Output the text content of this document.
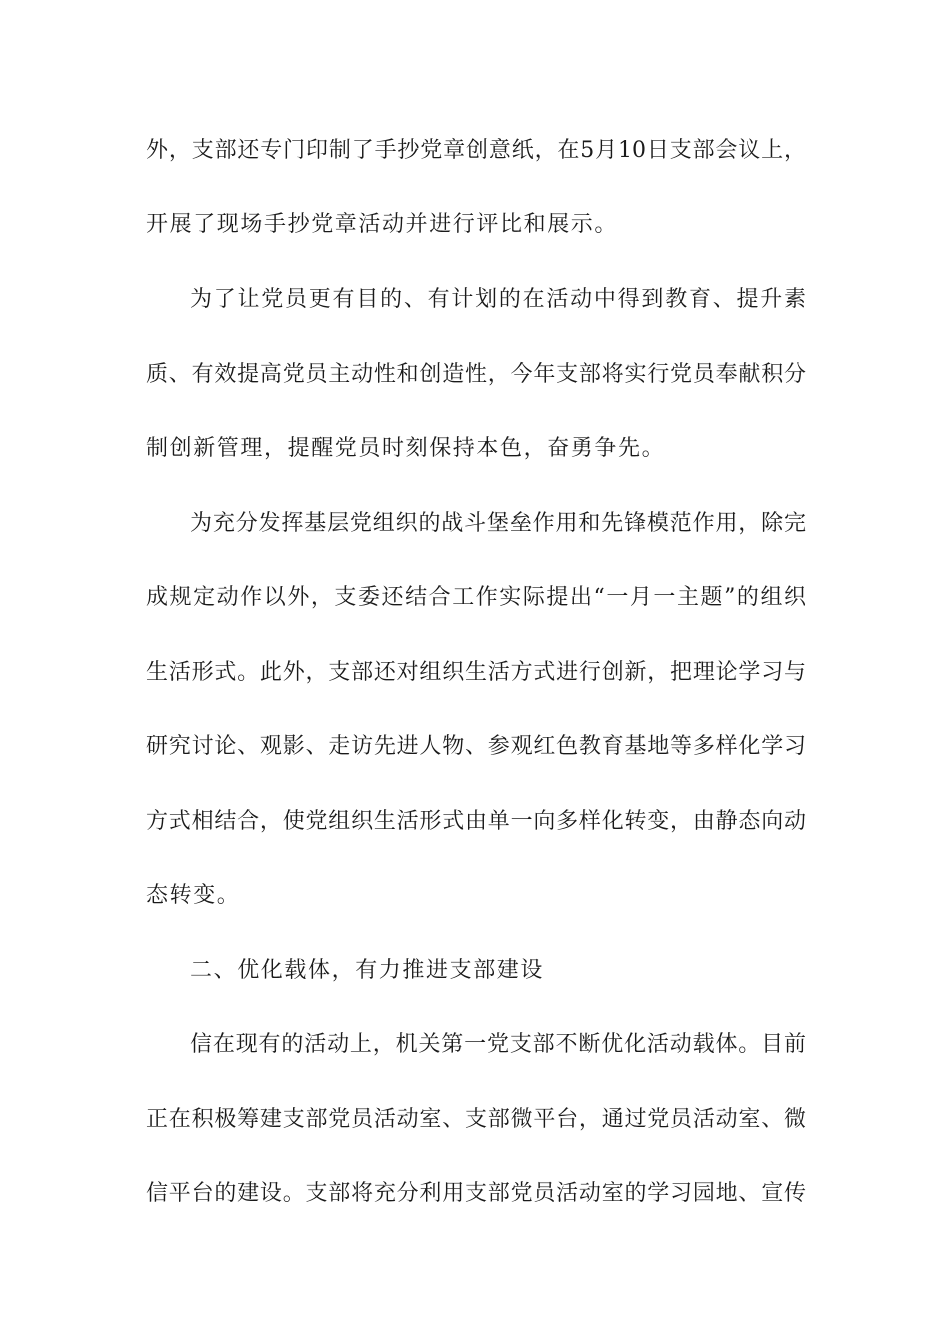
外，支部还专门印制了手抄党章创意纸，在5月10日支部会议上，
开展了现场手抄党章活动并进行评比和展示。
为了让党员更有目的、有计划的在活动中得到教育、提升素
质、有效提高党员主动性和创造性，今年支部将实行党员奉献积分
制创新管理，提醒党员时刻保持本色，奋勇争先。
为充分发挥基层党组织的战斗堡垒作用和先锋模范作用，除完
成规定动作以外，支委还结合工作实际提出“一月一主题”的组织
生活形式。此外，支部还对组织生活方式进行创新，把理论学习与
研究讨论、观影、走访先进人物、参观红色教育基地等多样化学习
方式相结合，使党组织生活形式由单一向多样化转变，由静态向动
态转变。
二、优化载体，有力推进支部建设
信在现有的活动上，机关第一党支部不断优化活动载体。目前
正在积极筹建支部党员活动室、支部微平台，通过党员活动室、微
信平台的建设。支部将充分利用支部党员活动室的学习园地、宣传
